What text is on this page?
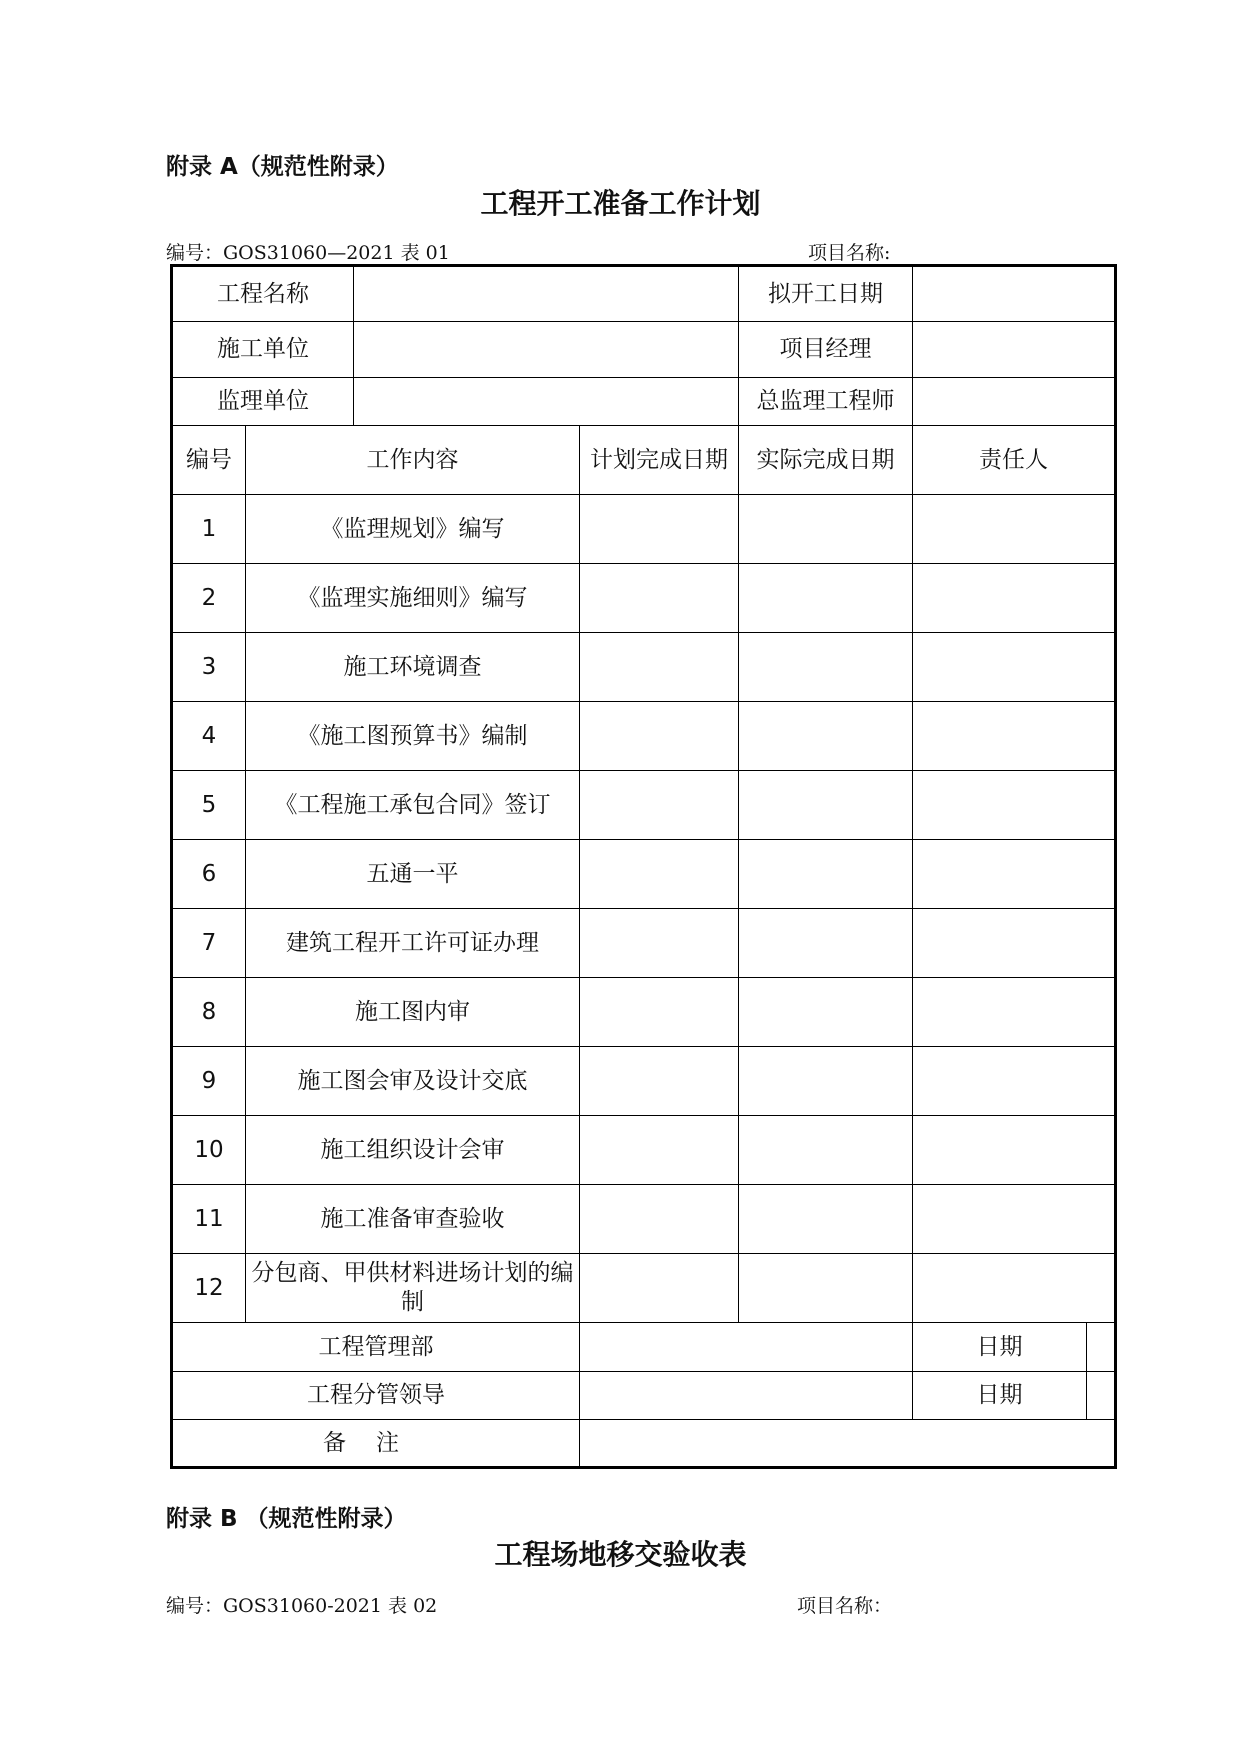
附录 A（规范性附录）
工程开工准备工作计划
编号：GOS31060—2021 表 01	项目名称:
工程名称				拟开工日期		
施工单位				项目经理		
监理单位				总监理工程师		
编号	工作内容		计划完成日期	实际完成日期	责任人	
1	《监理规划》编写					
2	《监理实施细则》编写					
3	施工环境调查					
4	《施工图预算书》编制					
5	《工程施工承包合同》签订					
6	五通一平					
7	建筑工程开工许可证办理					
8	施工图内审					
9	施工图会审及设计交底					
10	施工组织设计会审					
11	施工准备审查验收					
12	分包商、甲供材料进场计划的编制					
工程管理部					日期	
工程分管领导					日期	
备注						
附录 B （规范性附录）
工程场地移交验收表
编号：GOS31060-2021 表 02	项目名称：
